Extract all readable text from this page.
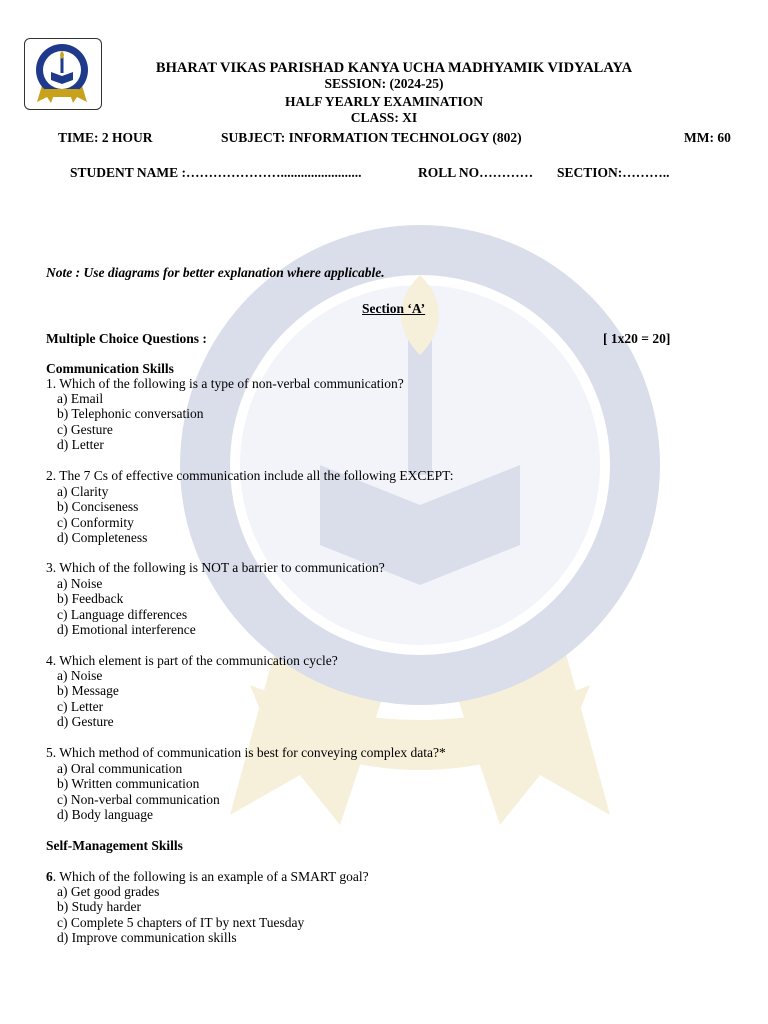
BHARAT VIKAS PARISHAD KANYA UCHA MADHYAMIK VIDYALAYA
SESSION: (2024-25)
HALF YEARLY EXAMINATION
CLASS: XI
TIME: 2 HOUR	SUBJECT: INFORMATION TECHNOLOGY (802)	MM: 60
STUDENT NAME :…………………........................	ROLL NO………… SECTION:………..
Note : Use diagrams for better explanation where applicable.
Section ‘A’
Multiple Choice Questions :	[ 1x20 = 20]
Communication Skills
1. Which of the following is a type of non-verbal communication?
a) Email
b) Telephonic conversation
c) Gesture
d) Letter
2. The 7 Cs of effective communication include all the following EXCEPT:
a) Clarity
b) Conciseness
c) Conformity
d) Completeness
3. Which of the following is NOT a barrier to communication?
a) Noise
b) Feedback
c) Language differences
d) Emotional interference
4. Which element is part of the communication cycle?
a) Noise
b) Message
c) Letter
d) Gesture
5. Which method of communication is best for conveying complex data?*
a) Oral communication
b) Written communication
c) Non-verbal communication
d) Body language
Self-Management Skills
6. Which of the following is an example of a SMART goal?
a) Get good grades
b) Study harder
c) Complete 5 chapters of IT by next Tuesday
d) Improve communication skills
